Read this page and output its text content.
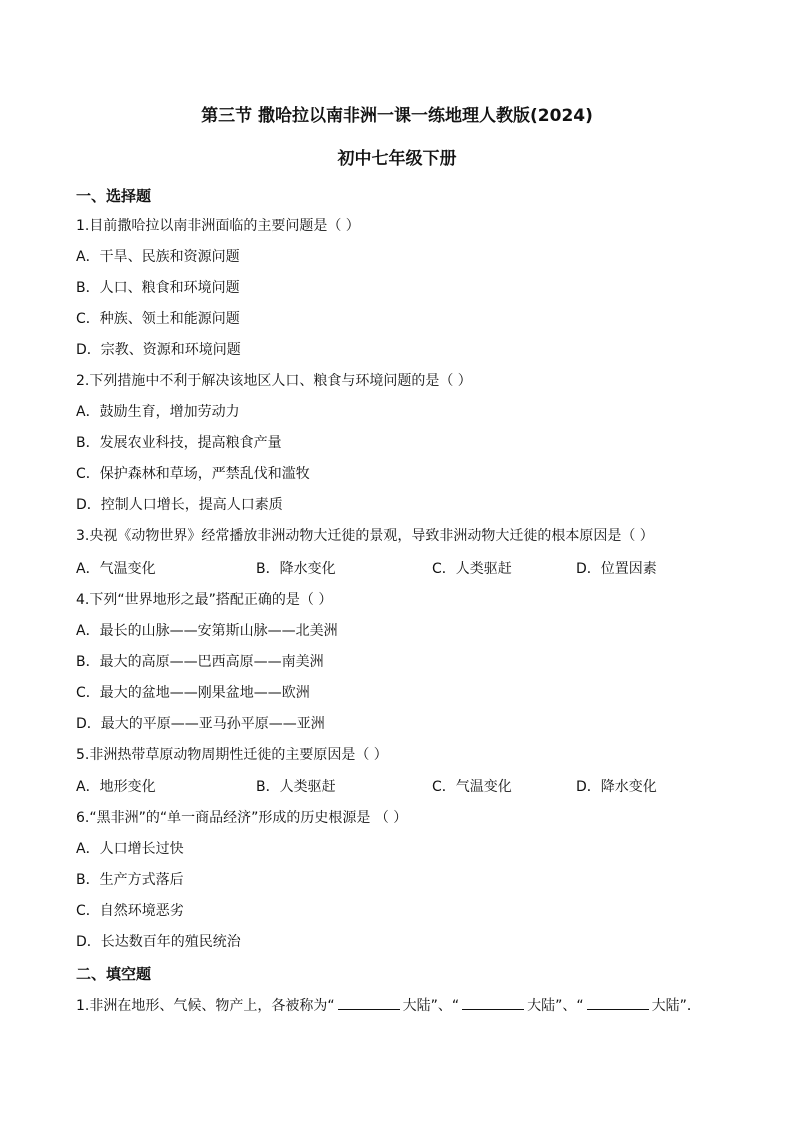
第三节 撒哈拉以南非洲一课一练地理人教版(2024)
初中七年级下册
一、选择题
1.目前撒哈拉以南非洲面临的主要问题是（ ）
A．干旱、民族和资源问题
B．人口、粮食和环境问题
C．种族、领土和能源问题
D．宗教、资源和环境问题
2.下列措施中不利于解决该地区人口、粮食与环境问题的是（ ）
A．鼓励生育，增加劳动力
B．发展农业科技，提高粮食产量
C．保护森林和草场，严禁乱伐和滥牧
D．控制人口增长，提高人口素质
3.央视《动物世界》经常播放非洲动物大迁徙的景观，导致非洲动物大迁徙的根本原因是（ ）
A．气温变化	B．降水变化	C．人类驱赶	D．位置因素
4.下列“世界地形之最”搭配正确的是（ ）
A．最长的山脉——安第斯山脉——北美洲
B．最大的高原——巴西高原——南美洲
C．最大的盆地——刚果盆地——欧洲
D．最大的平原——亚马孙平原——亚洲
5.非洲热带草原动物周期性迁徙的主要原因是（ ）
A．地形变化	B．人类驱赶	C．气温变化	D．降水变化
6.“黑非洲”的“单一商品经济”形成的历史根源是 （ ）
A．人口增长过快
B．生产方式落后
C．自然环境恶劣
D．长达数百年的殖民统治
二、填空题
1.非洲在地形、气候、物产上，各被称为“	大陆”、“	大陆”、“	大陆”．
